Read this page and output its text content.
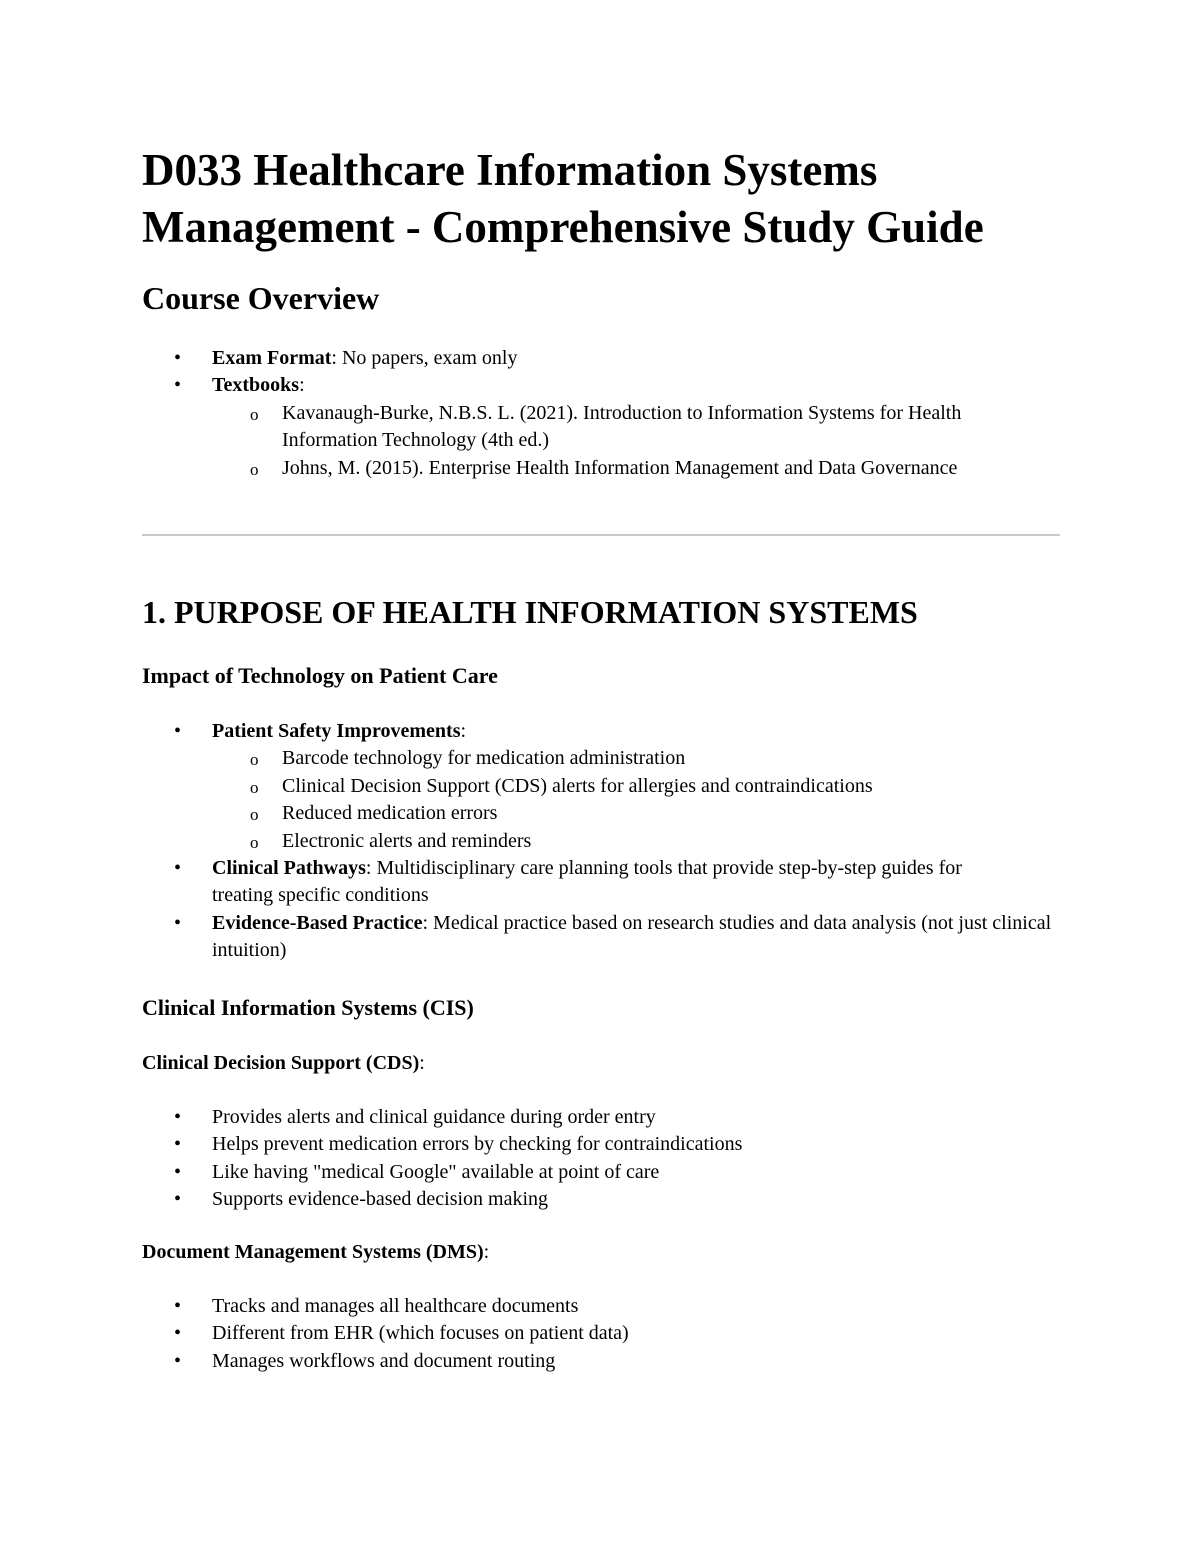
D033 Healthcare Information Systems Management - Comprehensive Study Guide
Course Overview
• Exam Format: No papers, exam only
• Textbooks:
o Kavanaugh-Burke, N.B.S. L. (2021). Introduction to Information Systems for Health Information Technology (4th ed.)
o Johns, M. (2015). Enterprise Health Information Management and Data Governance
1. PURPOSE OF HEALTH INFORMATION SYSTEMS
Impact of Technology on Patient Care
• Patient Safety Improvements:
o Barcode technology for medication administration
o Clinical Decision Support (CDS) alerts for allergies and contraindications
o Reduced medication errors
o Electronic alerts and reminders
• Clinical Pathways: Multidisciplinary care planning tools that provide step-by-step guides for treating specific conditions
• Evidence-Based Practice: Medical practice based on research studies and data analysis (not just clinical intuition)
Clinical Information Systems (CIS)
Clinical Decision Support (CDS):
• Provides alerts and clinical guidance during order entry
• Helps prevent medication errors by checking for contraindications
• Like having "medical Google" available at point of care
• Supports evidence-based decision making
Document Management Systems (DMS):
• Tracks and manages all healthcare documents
• Different from EHR (which focuses on patient data)
• Manages workflows and document routing
